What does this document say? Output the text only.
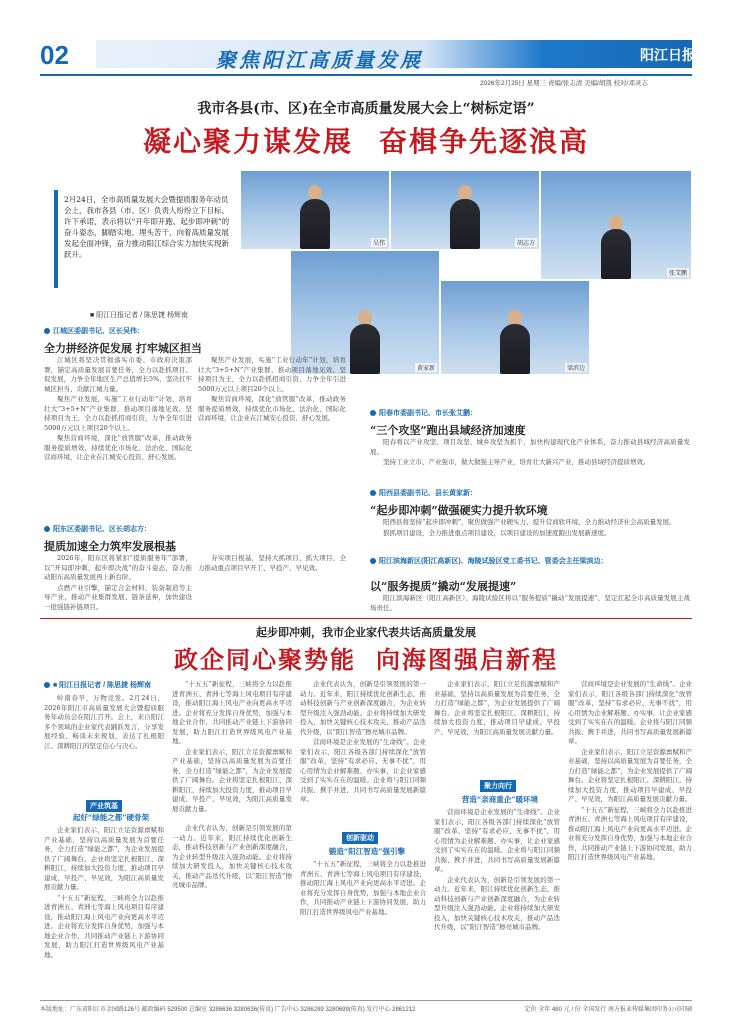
02	聚焦阳江高质量发展	阳江日报
2026年2月25日 星期三 责编/张志清 美编/胡凯 校对/邓灵志
我市各县(市、区)在全市高质量发展大会上“树标定语”
凝心聚力谋发展 奋楫争先逐浪高
吴伟	胡志方
张艾鹏
黄家新	梁滨边
2月24日，全市高质量发展大会暨提质服务年动员会上，我市各县（市、区）负责人纷纷立下目标、许下承诺，表示将以“开年即开跑、起步即冲刺”的奋斗姿态，脚踏实地、埋头苦干，向着高质量发展发起全面冲锋，奋力推动阳江综合实力加快实现新跃升。
■ 阳江日报记者 / 陈思捷 杨辉南
江城区委副书记、区长吴伟：
全力拼经济促发展 打牢城区担当

江城区将坚决贯彻落实市委、市政府决策部署，锚定高质量发展首要任务，全力以赴抓项目、促发展，力争全年地区生产总值增长5%，坚决扛牢城区担当、贡献江城力量。

聚焦产业发展，实施“工业行动年”计划，培育壮大“3+5+N”产业集群，推动项目落地见效。坚持项目为王，全力以赴抓招商引资，力争全年引进5000万元以上项目20个以上。

聚焦营商环境，深化“放管服”改革，推动政务服务提质增效，持续优化市场化、法治化、国际化营商环境，让企业在江城安心投资、舒心发展。

聚焦产业发展，实施“工业行动年”计划，培育壮大“3+5+N”产业集群，推动项目落地见效。坚持项目为王，全力以赴抓招商引资，力争全年引进5000万元以上项目20个以上。

聚焦营商环境，深化“放管服”改革，推动政务服务提质增效，持续优化市场化、法治化、国际化营商环境，让企业在江城安心投资、舒心发展。

阳东区委副书记、区长胡志方：
提质加速全力筑牢发展根基

2026年，阳东区将紧扣“提质服务年”部署，以“开局即冲刺、起步即决战”的奋斗姿态，奋力推动阳东高质量发展再上新台阶。

点燃产业引擎，锚定合金材料、装备制造等主导产业，推动产业集群发展、链条延伸，加快建设一批强链补链项目。

夯实项目根基，坚持大抓项目、抓大项目，全力推动重点项目早开工、早投产、早见效。

阳春市委副书记、市长张艾鹏：
“三个攻坚”跑出县域经济加速度

阳春将以产业攻坚、项目攻坚、城乡攻坚为抓手，加快构建现代化产业体系，奋力推动县域经济高质量发展。

坚持工业立市、产业强市，做大做强主导产业，培育壮大新兴产业，推动县域经济提质增效。

阳西县委副书记、县长黄家新：
“起步即冲刺”做强硬实力提升软环境

阳西县将坚持“起步即冲刺”，聚焦做强产业硬实力、提升营商软环境，全力推动经济社会高质量发展。

狠抓项目建设，全力推进重点项目建设，以项目建设的加速度跑出发展新速度。

阳江滨海新区(阳江高新区)、海陵试验区党工委书记、管委会主任梁滨边：
以“服务提质”撬动“发展提速”

阳江滨海新区（阳江高新区）、海陵试验区将以“服务提质”撬动“发展提速”，坚定扛起全市高质量发展主战场责任。

起步即冲刺，我市企业家代表共话高质量发展
政企同心聚势能 向海图强启新程
■ 阳江日报记者 / 陈思捷 杨辉南

岭南春早，万物竞发。2月24日，2026年阳江市高质量发展大会暨提质服务年动员会在阳江召开。会上，来自阳江多个领域的企业家代表踊跃发言，分享发展经验、畅谈未来规划，表达了扎根阳江、深耕阳江的坚定信心与决心。

产业筑基
起好“绿能之都”硬骨架

企业家们表示，阳江立足资源禀赋和产业基础，坚持以高质量发展为首要任务，全力打造“绿能之都”，为企业发展提供了广阔舞台。企业将坚定扎根阳江、深耕阳江，持续加大投资力度，推动项目早建成、早投产、早见效，为阳江高质量发展贡献力量。

“十五五”新征程，三峡将全力以赴推进青洲五、青洲七等海上风电项目有序建设，推动阳江海上风电产业向更高水平迈进。企业将充分发挥自身优势，加强与本地企业合作，共同推动产业链上下游协同发展，助力阳江打造世界级风电产业基地。

“十五五”新征程，三峡将全力以赴推进青洲五、青洲七等海上风电项目有序建设，推动阳江海上风电产业向更高水平迈进。企业将充分发挥自身优势，加强与本地企业合作，共同推动产业链上下游协同发展，助力阳江打造世界级风电产业基地。

企业家们表示，阳江立足资源禀赋和产业基础，坚持以高质量发展为首要任务，全力打造“绿能之都”，为企业发展提供了广阔舞台。企业将坚定扎根阳江、深耕阳江，持续加大投资力度，推动项目早建成、早投产、早见效，为阳江高质量发展贡献力量。

创新驱动
锻造“阳江智造”强引擎

企业代表认为，创新是引领发展的第一动力。近年来，阳江持续优化创新生态，推动科技创新与产业创新深度融合，为企业转型升级注入强劲动能。企业将持续加大研发投入，加快关键核心技术攻关，推动产品迭代升级，以“阳江智造”擦亮城市品牌。

企业代表认为，创新是引领发展的第一动力。近年来，阳江持续优化创新生态，推动科技创新与产业创新深度融合，为企业转型升级注入强劲动能。企业将持续加大研发投入，加快关键核心技术攻关，推动产品迭代升级，以“阳江智造”擦亮城市品牌。

营商环境是企业发展的“生命线”。企业家们表示，阳江各级各部门持续深化“放管服”改革，坚持“有求必应、无事不扰”，用心用情为企业解难题、办实事，让企业家感受到了实实在在的温暖。企业将与阳江同频共振、携手并进，共同书写高质量发展新篇章。

“十五五”新征程，三峡将全力以赴推进青洲五、青洲七等海上风电项目有序建设，推动阳江海上风电产业向更高水平迈进。企业将充分发挥自身优势，加强与本地企业合作，共同推动产业链上下游协同发展，助力阳江打造世界级风电产业基地。

企业家们表示，阳江立足资源禀赋和产业基础，坚持以高质量发展为首要任务，全力打造“绿能之都”，为企业发展提供了广阔舞台。企业将坚定扎根阳江、深耕阳江，持续加大投资力度，推动项目早建成、早投产、早见效，为阳江高质量发展贡献力量。

聚力向行
营造“亲商重企”暖环境

营商环境是企业发展的“生命线”。企业家们表示，阳江各级各部门持续深化“放管服”改革，坚持“有求必应、无事不扰”，用心用情为企业解难题、办实事，让企业家感受到了实实在在的温暖。企业将与阳江同频共振、携手并进，共同书写高质量发展新篇章。

企业代表认为，创新是引领发展的第一动力。近年来，阳江持续优化创新生态，推动科技创新与产业创新深度融合，为企业转型升级注入强劲动能。企业将持续加大研发投入，加快关键核心技术攻关，推动产品迭代升级，以“阳江智造”擦亮城市品牌。

营商环境是企业发展的“生命线”。企业家们表示，阳江各级各部门持续深化“放管服”改革，坚持“有求必应、无事不扰”，用心用情为企业解难题、办实事，让企业家感受到了实实在在的温暖。企业将与阳江同频共振、携手并进，共同书写高质量发展新篇章。

企业家们表示，阳江立足资源禀赋和产业基础，坚持以高质量发展为首要任务，全力打造“绿能之都”，为企业发展提供了广阔舞台。企业将坚定扎根阳江、深耕阳江，持续加大投资力度，推动项目早建成、早投产、早见效，为阳江高质量发展贡献力量。

“十五五”新征程，三峡将全力以赴推进青洲五、青洲七等海上风电项目有序建设，推动阳江海上风电产业向更高水平迈进。企业将充分发挥自身优势，加强与本地企业合作，共同推动产业链上下游协同发展，助力阳江打造世界级风电产业基地。

本版地址：广东省阳江市金园路126号 邮政编码 529500 总编室 3286636 3280636(传真) 广告中心 3286289 3280699(传真) 发行中心 2861212	定价 全年 480 元 / 份 全国发行 南方报业传媒集团印务公司印刷
